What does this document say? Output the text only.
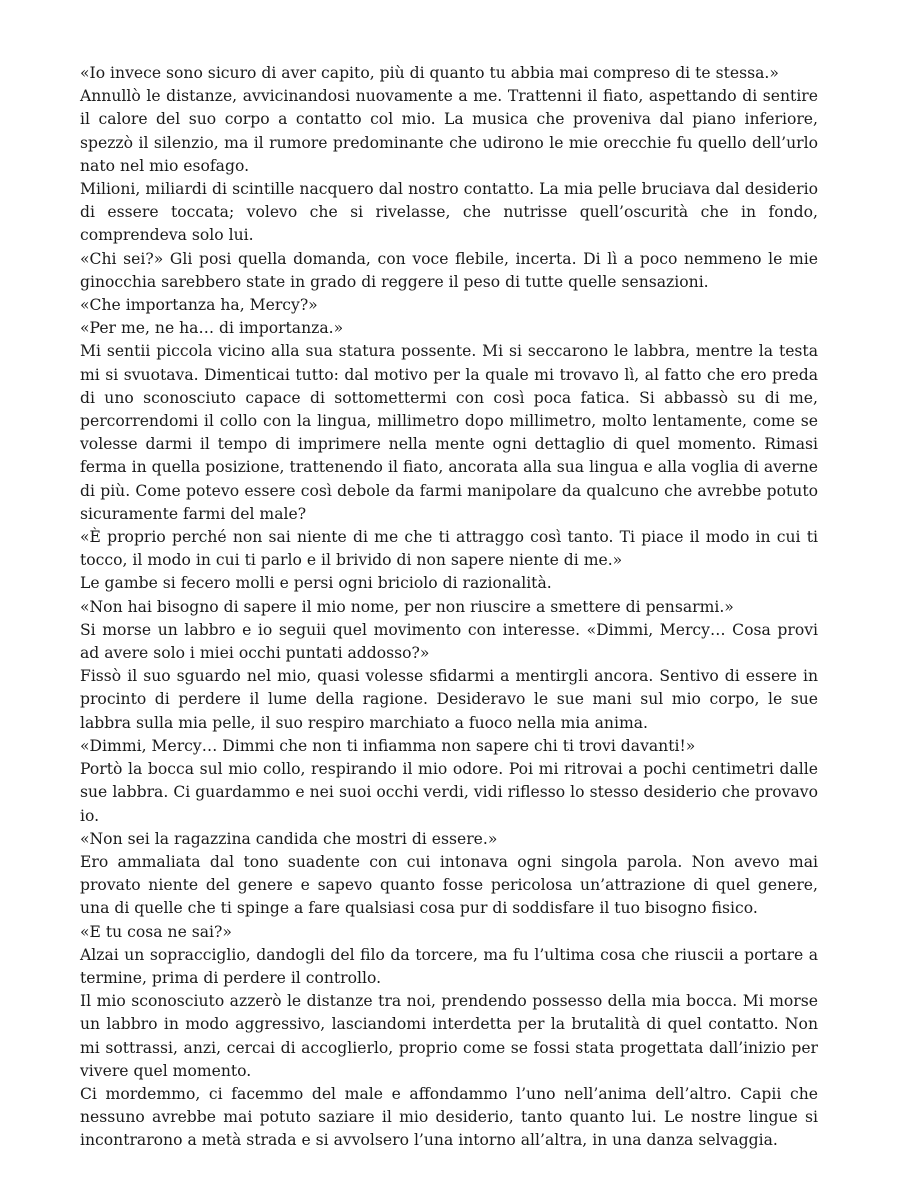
«Io invece sono sicuro di aver capito, più di quanto tu abbia mai compreso di te stessa.»

Annullò le distanze, avvicinandosi nuovamente a me. Trattenni il fiato, aspettando di sentire il calore del suo corpo a contatto col mio. La musica che proveniva dal piano inferiore, spezzò il silenzio, ma il rumore predominante che udirono le mie orecchie fu quello dell’urlo nato nel mio esofago.

Milioni, miliardi di scintille nacquero dal nostro contatto. La mia pelle bruciava dal desiderio di essere toccata; volevo che si rivelasse, che nutrisse quell’oscurità che in fondo, comprendeva solo lui.

«Chi sei?» Gli posi quella domanda, con voce flebile, incerta. Di lì a poco nemmeno le mie ginocchia sarebbero state in grado di reggere il peso di tutte quelle sensazioni.

«Che importanza ha, Mercy?»

«Per me, ne ha… di importanza.»

Mi sentii piccola vicino alla sua statura possente. Mi si seccarono le labbra, mentre la testa mi si svuotava. Dimenticai tutto: dal motivo per la quale mi trovavo lì, al fatto che ero preda di uno sconosciuto capace di sottomettermi con così poca fatica. Si abbassò su di me, percorrendomi il collo con la lingua, millimetro dopo millimetro, molto lentamente, come se volesse darmi il tempo di imprimere nella mente ogni dettaglio di quel momento. Rimasi ferma in quella posizione, trattenendo il fiato, ancorata alla sua lingua e alla voglia di averne di più. Come potevo essere così debole da farmi manipolare da qualcuno che avrebbe potuto sicuramente farmi del male?

«È proprio perché non sai niente di me che ti attraggo così tanto. Ti piace il modo in cui ti tocco, il modo in cui ti parlo e il brivido di non sapere niente di me.»

Le gambe si fecero molli e persi ogni briciolo di razionalità.

«Non hai bisogno di sapere il mio nome, per non riuscire a smettere di pensarmi.»

Si morse un labbro e io seguii quel movimento con interesse. «Dimmi, Mercy… Cosa provi ad avere solo i miei occhi puntati addosso?»

Fissò il suo sguardo nel mio, quasi volesse sfidarmi a mentirgli ancora. Sentivo di essere in procinto di perdere il lume della ragione. Desideravo le sue mani sul mio corpo, le sue labbra sulla mia pelle, il suo respiro marchiato a fuoco nella mia anima.

«Dimmi, Mercy… Dimmi che non ti infiamma non sapere chi ti trovi davanti!»

Portò la bocca sul mio collo, respirando il mio odore. Poi mi ritrovai a pochi centimetri dalle sue labbra. Ci guardammo e nei suoi occhi verdi, vidi riflesso lo stesso desiderio che provavo io.

«Non sei la ragazzina candida che mostri di essere.»

Ero ammaliata dal tono suadente con cui intonava ogni singola parola. Non avevo mai provato niente del genere e sapevo quanto fosse pericolosa un’attrazione di quel genere, una di quelle che ti spinge a fare qualsiasi cosa pur di soddisfare il tuo bisogno fisico.

«E tu cosa ne sai?»

Alzai un sopracciglio, dandogli del filo da torcere, ma fu l’ultima cosa che riuscii a portare a termine, prima di perdere il controllo.

Il mio sconosciuto azzerò le distanze tra noi, prendendo possesso della mia bocca. Mi morse un labbro in modo aggressivo, lasciandomi interdetta per la brutalità di quel contatto. Non mi sottrassi, anzi, cercai di accoglierlo, proprio come se fossi stata progettata dall’inizio per vivere quel momento.

Ci mordemmo, ci facemmo del male e affondammo l’uno nell’anima dell’altro. Capii che nessuno avrebbe mai potuto saziare il mio desiderio, tanto quanto lui. Le nostre lingue si incontrarono a metà strada e si avvolsero l’una intorno all’altra, in una danza selvaggia.
